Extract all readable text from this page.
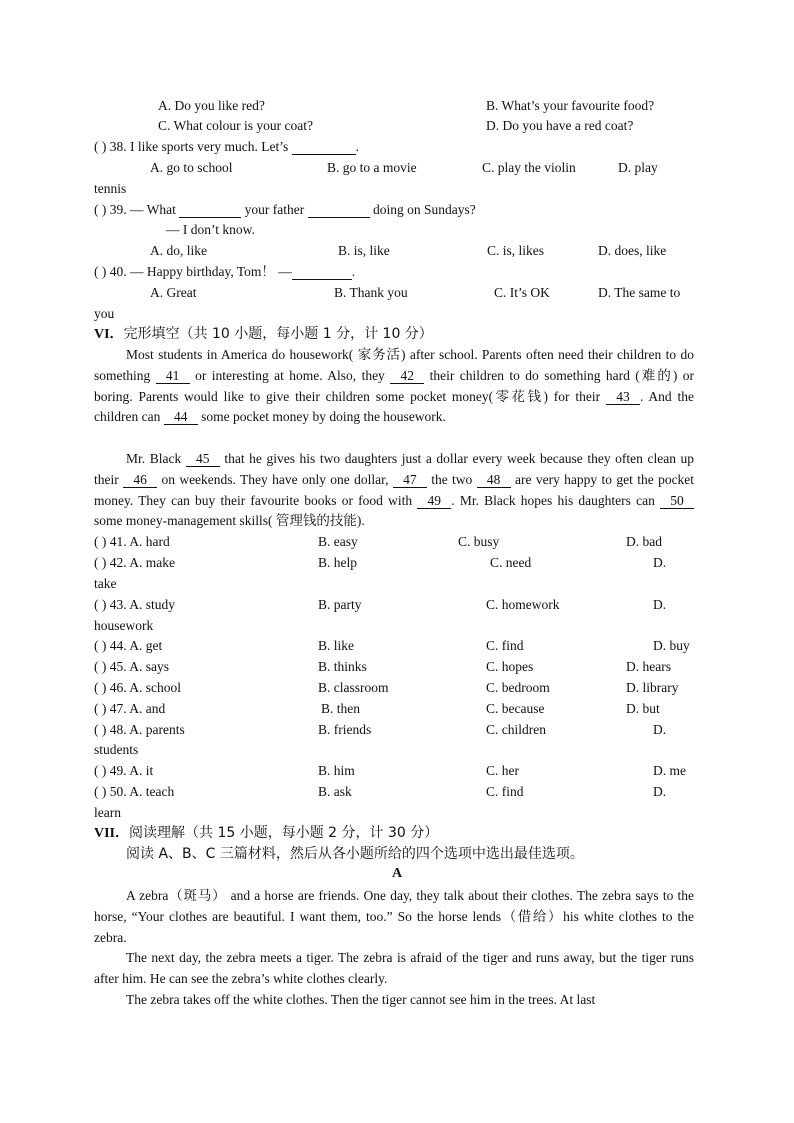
A. Do you like red?	B. What’s your favourite food?
C. What colour is your coat?	D. Do you have a red coat?
( ) 38. I like sports very much. Let’s	.
A. go to school	B. go to a movie	C. play the violin	D. play
tennis
( ) 39. — What	your father	doing on Sundays?
— I don’t know.
A. do, like	B. is, like	C. is, likes	D. does, like
( ) 40. — Happy birthday, Tom！ —	.
A. Great	B. Thank you	C. It’s OK	D. The same to
you
VI．完形填空（共 10 小题，每小题 1 分，计 10 分）
Most students in America do housework( 家务活) after school. Parents often need their children to do something 41 or interesting at home. Also, they 42 their children to do something hard (难的) or boring. Parents would like to give their children some pocket money(零花钱) for their 43 . And the children can 44 some pocket money by doing the housework.
Mr. Black 45 that he gives his two daughters just a dollar every week because they often clean up their 46 on weekends. They have only one dollar, 47 the two 48 are very happy to get the pocket money. They can buy their favourite books or food with 49 . Mr. Black hopes his daughters can 50 some money-management skills( 管理钱的技能).
( ) 41. A. hard	B. easy	C. busy	D. bad
( ) 42. A. make	B. help	C. need	D.
take
( ) 43. A. study	B. party	C. homework	D.
housework
( ) 44. A. get	B. like	C. find	D. buy
( ) 45. A. says	B. thinks	C. hopes	D. hears
( ) 46. A. school	B. classroom	C. bedroom	D. library
( ) 47. A. and	B. then	C. because	D. but
( ) 48. A. parents	B. friends	C. children	D.
students
( ) 49. A. it	B. him	C. her	D. me
( ) 50. A. teach	B. ask	C. find	D.
learn
VII．阅读理解（共 15 小题，每小题 2 分，计 30 分）
阅读 A、B、C 三篇材料，然后从各小题所给的四个选项中选出最佳选项。
A
A zebra（斑马） and a horse are friends. One day, they talk about their clothes. The zebra says to the horse, “Your clothes are beautiful. I want them, too.” So the horse lends（借给）his white clothes to the zebra.
The next day, the zebra meets a tiger. The zebra is afraid of the tiger and runs away, but the tiger runs after him. He can see the zebra’s white clothes clearly.
The zebra takes off the white clothes. Then the tiger cannot see him in the trees. At last
